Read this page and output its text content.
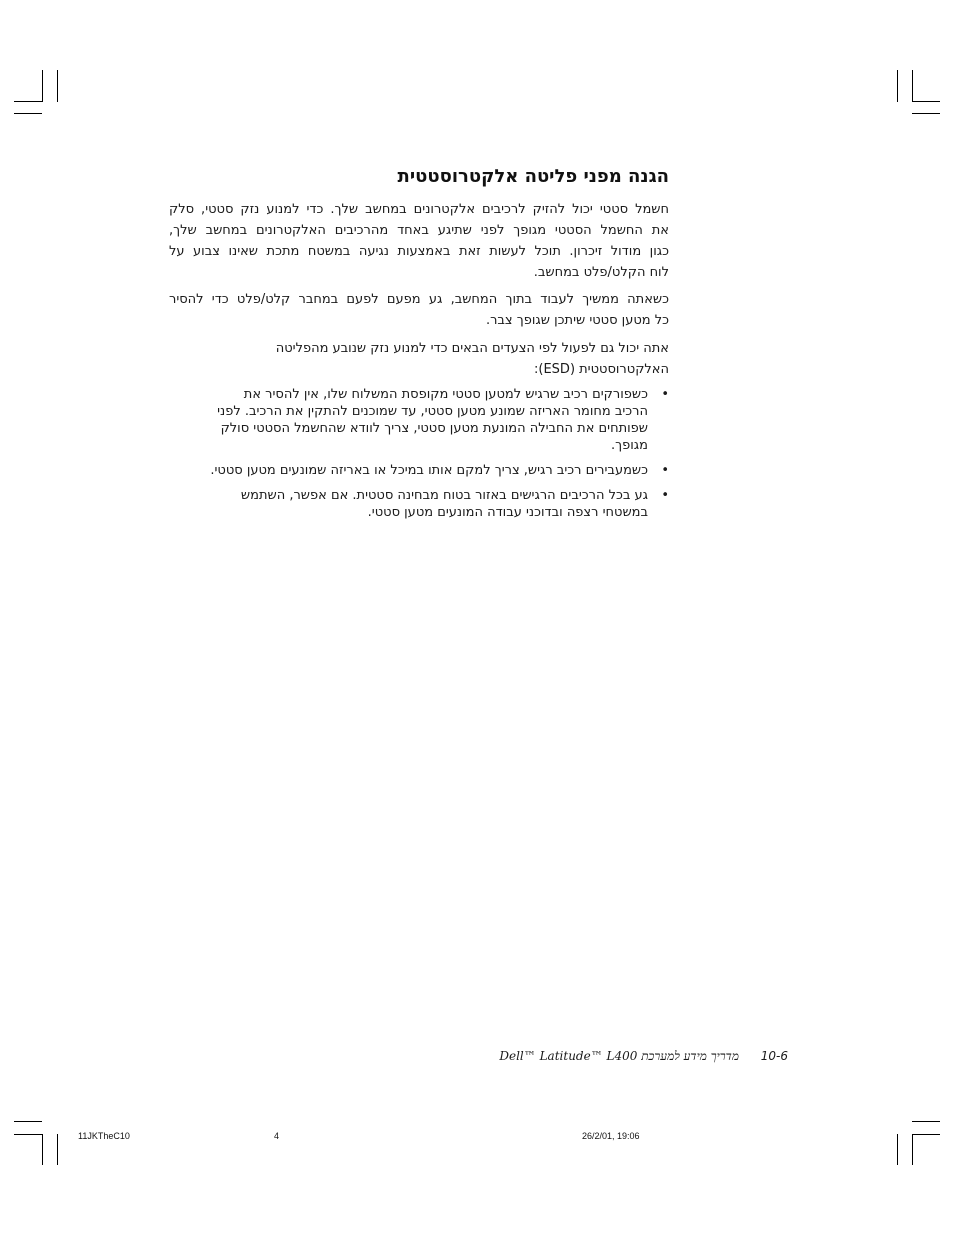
הגנה מפני פליטה אלקטרוסטטית
חשמל סטטי יכול להזיק לרכיבים אלקטרונים במחשב שלך. כדי למנוע נזק סטטי, סלק
את החשמל הסטטי מגופך לפני שתיגע באחד מהרכיבים האלקטרונים במחשב שלך,
כגון מודול זיכרון. תוכל לעשות זאת באמצעות נגיעה במשטח מתכת שאינו צבוע על
לוח הקלט/פלט במחשב.
כשאתה ממשיך לעבוד בתוך המחשב, גע מפעם לפעם במחבר קלט/פלט כדי להסיר
כל מטען סטטי שיתכן שגופך צבר.
אתה יכול גם לפעול לפי הצעדים הבאים כדי למנוע נזק שנובע מהפליטה
האלקטרוסטטית (ESD):
•
כשפורקים רכיב שרגיש למטען סטטי מקופסת המשלוח שלו, אין להסיר את
הרכיב מחומר האריזה שמונע מטען סטטי, עד שמוכנים להתקין את הרכיב. לפני
שפותחים את החבילה המונעת מטען סטטי, צריך לוודא שהחשמל הסטטי סולק
מגופך.
•
כשמעבירים רכיב רגיש, צריך למקם אותו במיכל או באריזה שמונעים מטען סטטי.
•
גע בכל הרכיבים הרגישים באזור בטוח מבחינה סטטית. אם אפשר, השתמש
במשטחי רצפה ובדוכני עבודה המונעים מטען סטטי.
10-6 מדריך מידע למערכת Dell™ Latitude™ L400
11JKTheC10	4	26/2/01, 19:06
